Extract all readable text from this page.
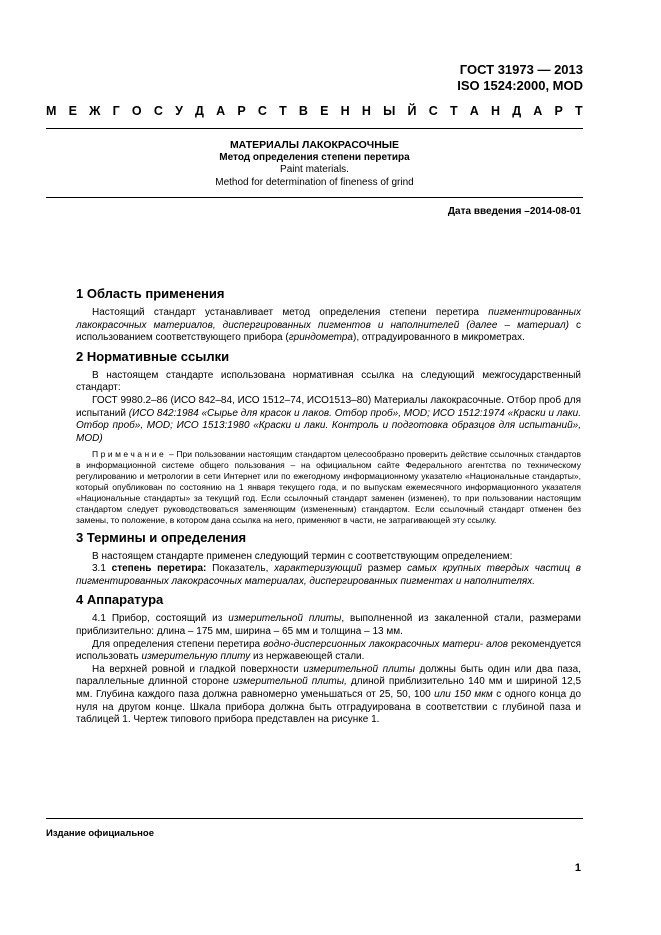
ГОСТ 31973 — 2013
ISO 1524:2000, MOD
М Е Ж Г О С У Д А Р С Т В Е Н Н Ы Й С Т А Н Д А Р Т
МАТЕРИАЛЫ ЛАКОКРАСОЧНЫЕ
Метод определения степени перетира
Paint materials.
Method for determination of fineness of grind
Дата введения –2014-08-01
1 Область применения

Настоящий стандарт устанавливает метод определения степени перетира пигментированных лакокрасочных материалов, диспергированных пигментов и наполнителей (далее – материал) с использованием соответствующего прибора (гриндометра), отградуированного в микрометрах.

2 Нормативные ссылки

В настоящем стандарте использована нормативная ссылка на следующий межгосударственный стандарт:

ГОСТ 9980.2–86 (ИСО 842–84, ИСО 1512–74, ИСО1513–80) Материалы лакокрасочные. Отбор проб для испытаний (ИСО 842:1984 «Сырье для красок и лаков. Отбор проб», MOD; ИСО 1512:1974 «Краски и лаки. Отбор проб», MOD; ИСО 1513:1980 «Краски и лаки. Контроль и подготовка образцов для испытаний», MOD)

Примечание – При пользовании настоящим стандартом целесообразно проверить действие ссылочных стандартов в информационной системе общего пользования – на официальном сайте Федерального агентства по техническому регулированию и метрологии в сети Интернет или по ежегодному информационному указателю «Национальные стандарты», который опубликован по состоянию на 1 января текущего года, и по выпускам ежемесячного информационного указателя «Национальные стандарты» за текущий год. Если ссылочный стандарт заменен (изменен), то при пользовании настоящим стандартом следует руководствоваться заменяющим (измененным) стандартом. Если ссылочный стандарт отменен без замены, то положение, в котором дана ссылка на него, применяют в части, не затрагивающей эту ссылку.

3 Термины и определения

В настоящем стандарте применен следующий термин с соответствующим определением:

3.1 степень перетира: Показатель, характеризующий размер самых крупных твердых частиц в пигментированных лакокрасочных материалах, диспергированных пигментах и наполнителях.

4 Аппаратура

4.1 Прибор, состоящий из измерительной плиты, выполненной из закаленной стали, размерами приблизительно: длина – 175 мм, ширина – 65 мм и толщина – 13 мм.

Для определения степени перетира водно-дисперсионных лакокрасочных матери- алов рекомендуется использовать измерительную плиту из нержавеющей стали.

На верхней ровной и гладкой поверхности измерительной плиты должны быть один или два паза, параллельные длинной стороне измерительной плиты, длиной приблизительно 140 мм и шириной 12,5 мм. Глубина каждого паза должна равномерно уменьшаться от 25, 50, 100 или 150 мкм с одного конца до нуля на другом конце. Шкала прибора должна быть отградуирована в соответствии с глубиной паза и таблицей 1. Чертеж типового прибора представлен на рисунке 1.

Издание официальное
1
